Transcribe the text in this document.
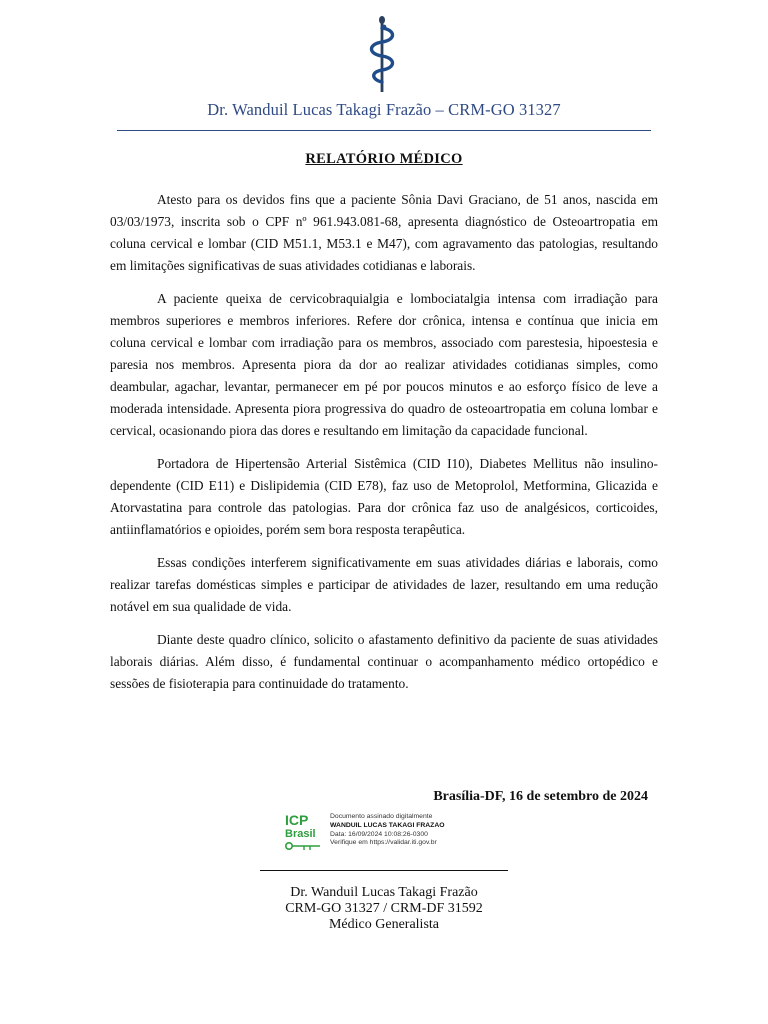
Dr. Wanduil Lucas Takagi Frazão – CRM-GO 31327
RELATÓRIO MÉDICO

Atesto para os devidos fins que a paciente Sônia Davi Graciano, de 51 anos, nascida em 03/03/1973, inscrita sob o CPF nº 961.943.081-68, apresenta diagnóstico de Osteoartropatia em coluna cervical e lombar (CID M51.1, M53.1 e M47), com agravamento das patologias, resultando em limitações significativas de suas atividades cotidianas e laborais.

A paciente queixa de cervicobraquialgia e lombociatalgia intensa com irradiação para membros superiores e membros inferiores. Refere dor crônica, intensa e contínua que inicia em coluna cervical e lombar com irradiação para os membros, associado com parestesia, hipoestesia e paresia nos membros. Apresenta piora da dor ao realizar atividades cotidianas simples, como deambular, agachar, levantar, permanecer em pé por poucos minutos e ao esforço físico de leve a moderada intensidade. Apresenta piora progressiva do quadro de osteoartropatia em coluna lombar e cervical, ocasionando piora das dores e resultando em limitação da capacidade funcional.

Portadora de Hipertensão Arterial Sistêmica (CID I10), Diabetes Mellitus não insulino-dependente (CID E11) e Dislipidemia (CID E78), faz uso de Metoprolol, Metformina, Glicazida e Atorvastatina para controle das patologias. Para dor crônica faz uso de analgésicos, corticoides, antiinflamatórios e opioides, porém sem bora resposta terapêutica.

Essas condições interferem significativamente em suas atividades diárias e laborais, como realizar tarefas domésticas simples e participar de atividades de lazer, resultando em uma redução notável em sua qualidade de vida.

Diante deste quadro clínico, solicito o afastamento definitivo da paciente de suas atividades laborais diárias. Além disso, é fundamental continuar o acompanhamento médico ortopédico e sessões de fisioterapia para continuidade do tratamento.

Brasília-DF, 16 de setembro de 2024
ICP
Brasil
Documento assinado digitalmente
WANDUIL LUCAS TAKAGI FRAZAO
Data: 16/09/2024 10:08:26-0300
Verifique em https://validar.iti.gov.br
Dr. Wanduil Lucas Takagi Frazão
CRM-GO 31327 / CRM-DF 31592
Médico Generalista
